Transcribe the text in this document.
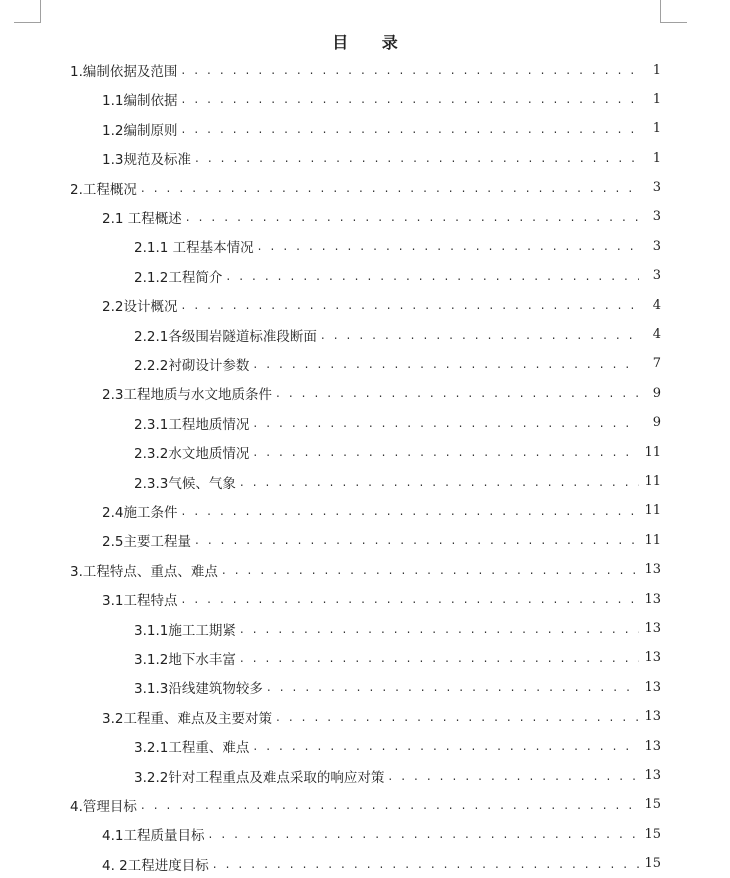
目 录
1.编制依据及范围 . . .	1
1.1编制依据 . . .	1
1.2编制原则 . . .	1
1.3规范及标准 . . .	1
2.工程概况 . . .	3
2.1 工程概述 . . .	3
2.1.1 工程基本情况 . . .	3
2.1.2工程简介 . . .	3
2.2设计概况 . . .	4
2.2.1各级围岩隧道标准段断面 . . .	4
2.2.2衬砌设计参数 . . .	7
2.3工程地质与水文地质条件 . . .	9
2.3.1工程地质情况 . . .	9
2.3.2水文地质情况 . . .	11
2.3.3气候、气象 . . .	11
2.4施工条件 . . .	11
2.5主要工程量 . . .	11
3.工程特点、重点、难点 . . .	13
3.1工程特点 . . .	13
3.1.1施工工期紧 . . .	13
3.1.2地下水丰富 . . .	13
3.1.3沿线建筑物较多 . . .	13
3.2工程重、难点及主要对策 . . .	13
3.2.1工程重、难点 . . .	13
3.2.2针对工程重点及难点采取的响应对策 . . .	13
4.管理目标 . . .	15
4.1工程质量目标 . . .	15
4. 2工程进度目标 . . .	15
